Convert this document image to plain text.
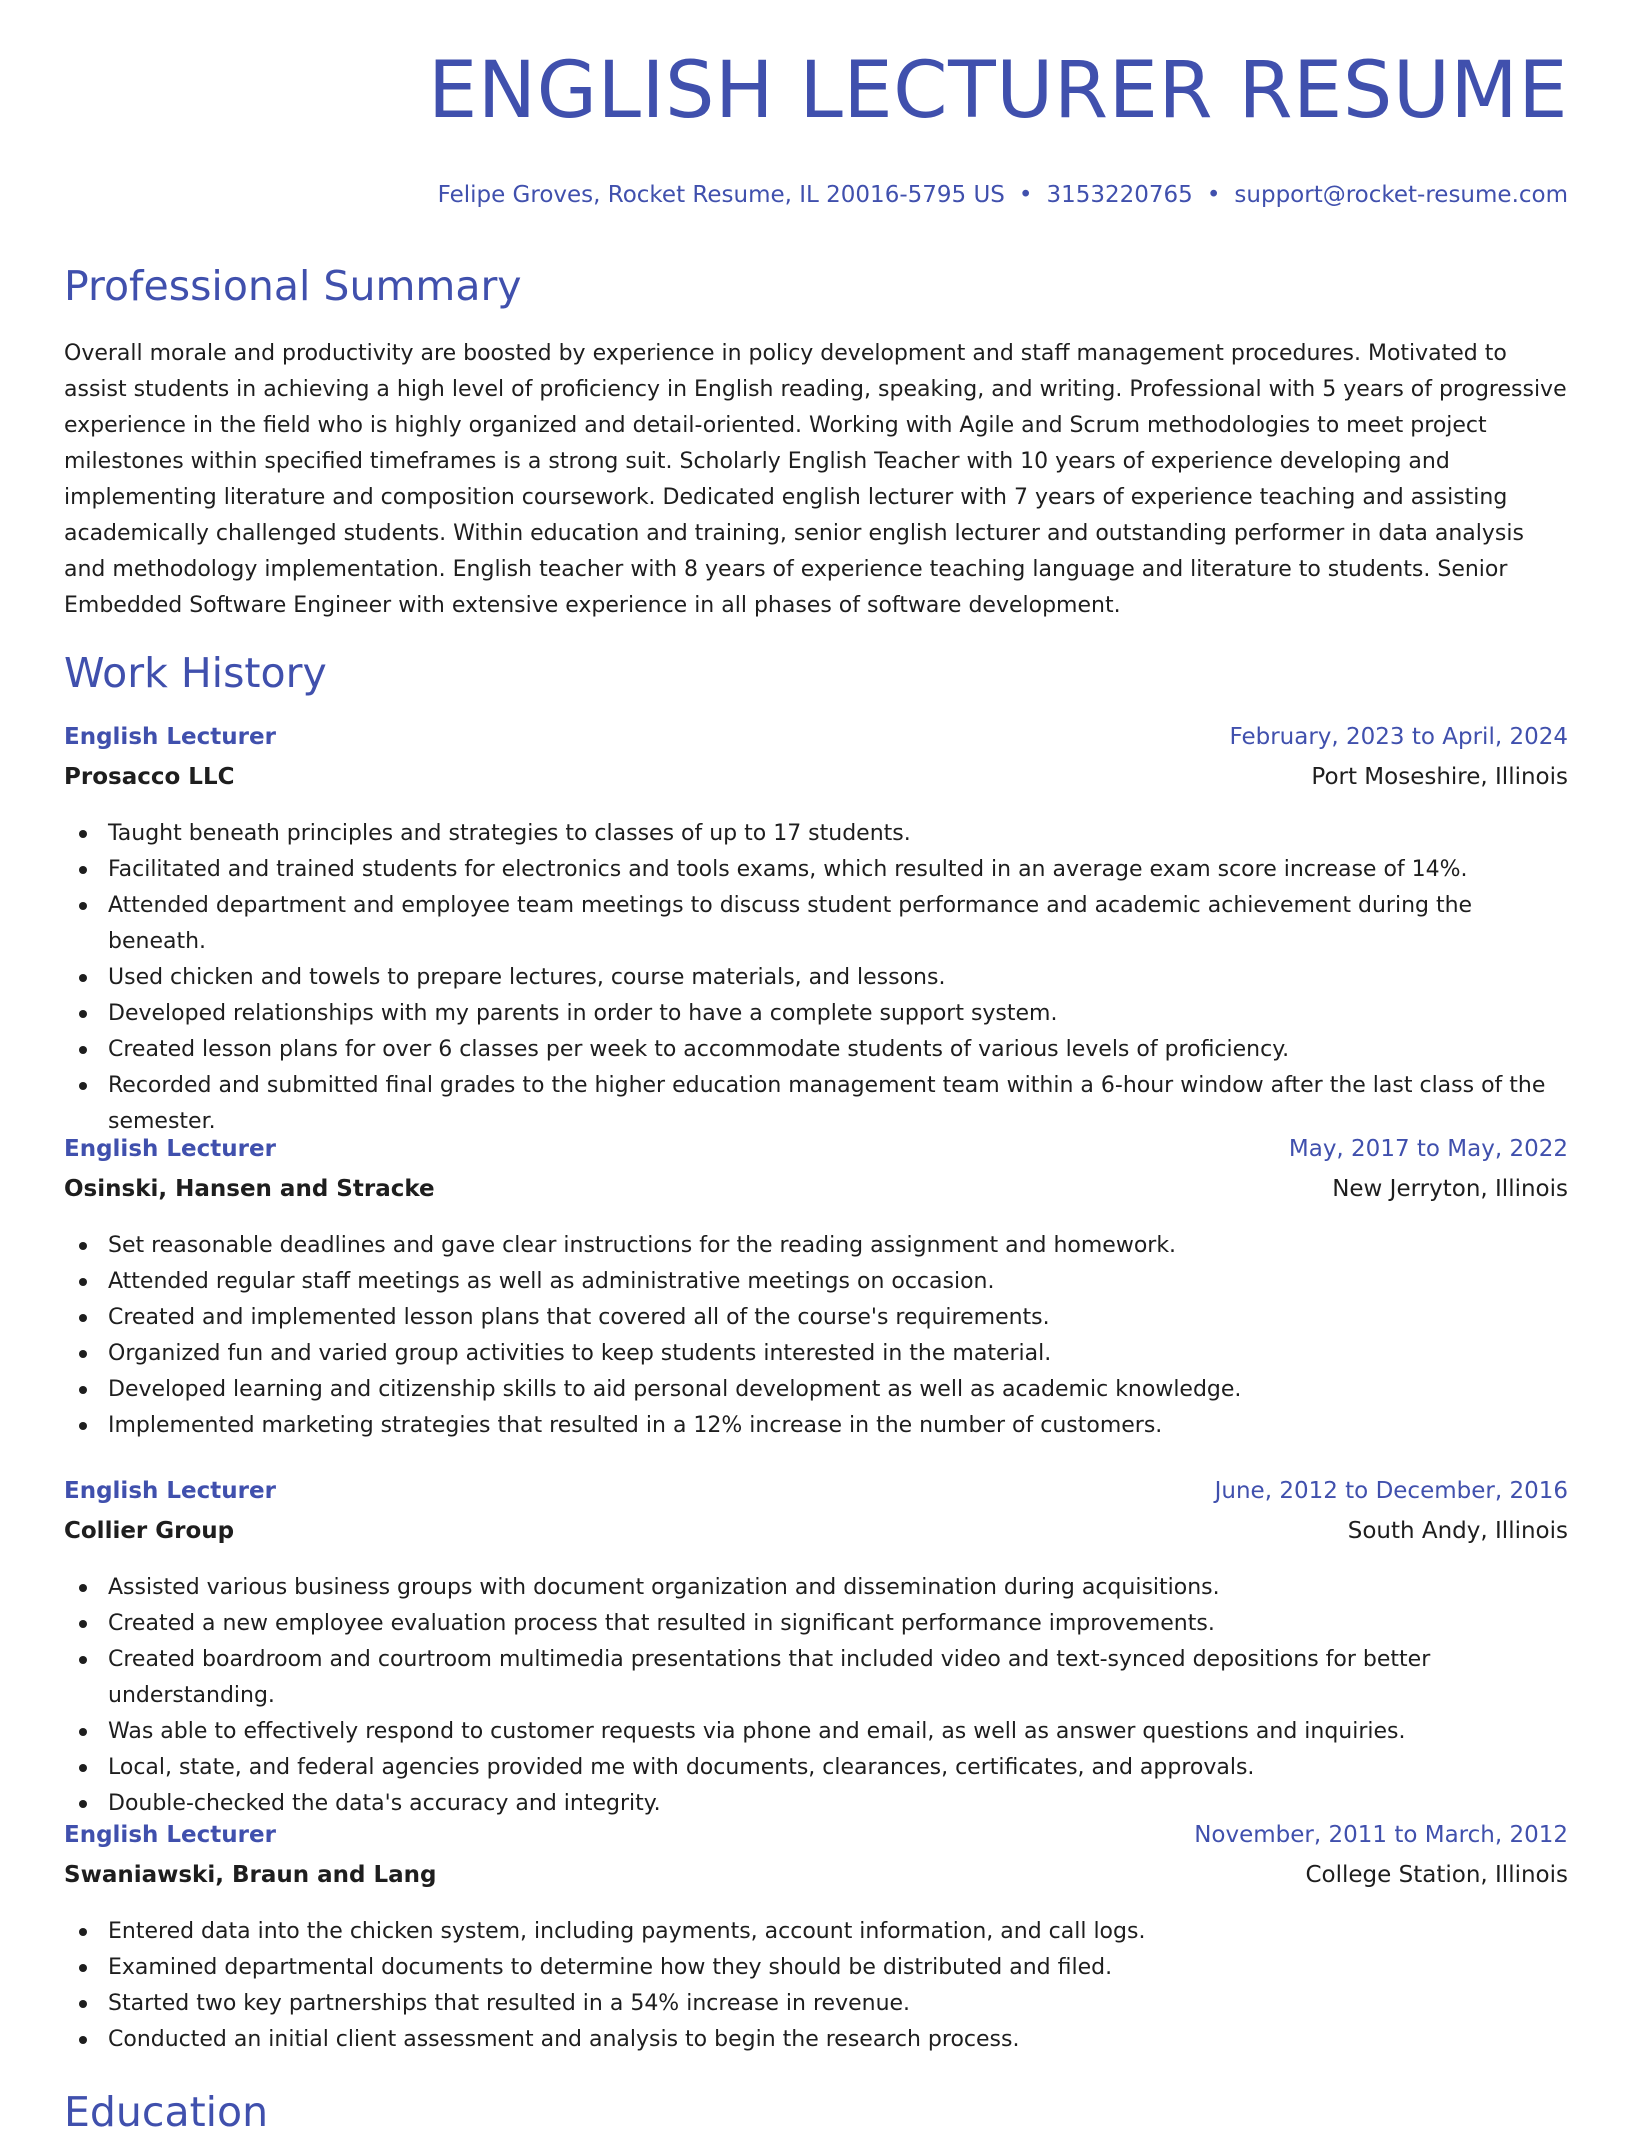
ENGLISH LECTURER RESUME
Felipe Groves, Rocket Resume, IL 20016-5795 US • 3153220765 • support@rocket-resume.com
Professional Summary
Overall morale and productivity are boosted by experience in policy development and staff management procedures. Motivated to assist students in achieving a high level of proficiency in English reading, speaking, and writing. Professional with 5 years of progressive experience in the field who is highly organized and detail-oriented. Working with Agile and Scrum methodologies to meet project milestones within specified timeframes is a strong suit. Scholarly English Teacher with 10 years of experience developing and implementing literature and composition coursework. Dedicated english lecturer with 7 years of experience teaching and assisting academically challenged students. Within education and training, senior english lecturer and outstanding performer in data analysis and methodology implementation. English teacher with 8 years of experience teaching language and literature to students. Senior Embedded Software Engineer with extensive experience in all phases of software development.
Work History
English Lecturer	February, 2023 to April, 2024
Prosacco LLC	Port Moseshire, Illinois
Taught beneath principles and strategies to classes of up to 17 students.
Facilitated and trained students for electronics and tools exams, which resulted in an average exam score increase of 14%.
Attended department and employee team meetings to discuss student performance and academic achievement during the beneath.
Used chicken and towels to prepare lectures, course materials, and lessons.
Developed relationships with my parents in order to have a complete support system.
Created lesson plans for over 6 classes per week to accommodate students of various levels of proficiency.
Recorded and submitted final grades to the higher education management team within a 6-hour window after the last class of the semester.
English Lecturer	May, 2017 to May, 2022
Osinski, Hansen and Stracke	New Jerryton, Illinois
Set reasonable deadlines and gave clear instructions for the reading assignment and homework.
Attended regular staff meetings as well as administrative meetings on occasion.
Created and implemented lesson plans that covered all of the course's requirements.
Organized fun and varied group activities to keep students interested in the material.
Developed learning and citizenship skills to aid personal development as well as academic knowledge.
Implemented marketing strategies that resulted in a 12% increase in the number of customers.
English Lecturer	June, 2012 to December, 2016
Collier Group	South Andy, Illinois
Assisted various business groups with document organization and dissemination during acquisitions.
Created a new employee evaluation process that resulted in significant performance improvements.
Created boardroom and courtroom multimedia presentations that included video and text-synced depositions for better understanding.
Was able to effectively respond to customer requests via phone and email, as well as answer questions and inquiries.
Local, state, and federal agencies provided me with documents, clearances, certificates, and approvals.
Double-checked the data's accuracy and integrity.
English Lecturer	November, 2011 to March, 2012
Swaniawski, Braun and Lang	College Station, Illinois
Entered data into the chicken system, including payments, account information, and call logs.
Examined departmental documents to determine how they should be distributed and filed.
Started two key partnerships that resulted in a 54% increase in revenue.
Conducted an initial client assessment and analysis to begin the research process.
Education
